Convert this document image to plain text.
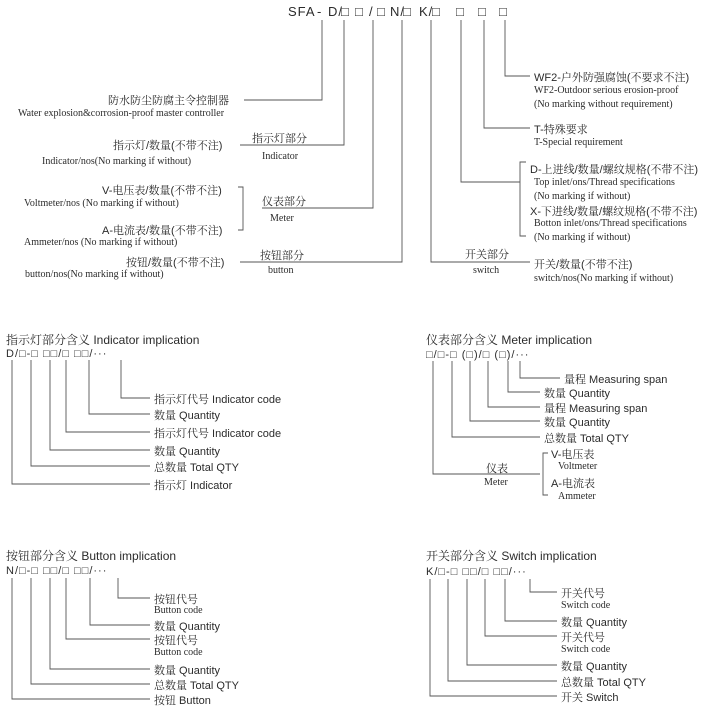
SFA - D/
□ □ / □ N/
□ K/
□ □ □ □
防水防尘防腐主令控制器
Water explosion&corrosion-proof master controller
指示灯/数量(不带不注)
Indicator/nos(No marking if without)
指示灯部分
Indicator
V-电压表/数量(不带不注)
Voltmeter/nos (No marking if without)	仪表部分
Meter
A-电流表/数量(不带不注)
Ammeter/nos (No marking if without)
按钮/数量(不带不注)
button/nos(No marking if without)
按钮部分
button
WF2-户外防强腐蚀(不要求不注)
WF2-Outdoor serious erosion-proof
(No marking without requirement)
T-特殊要求
T-Special requirement
D-上进线/数量/螺纹规格(不带不注)
Top inlet/ons/Thread specifications
(No marking if without)
X-下进线/数量/螺纹规格(不带不注)
Botton inlet/ons/Thread specifications
(No marking if without)
开关部分
switch	开关/数量(不带不注)
switch/nos(No marking if without)
指示灯部分含义 Indicator implication
D/□-□ □□/□ □□/···
指示灯代号 Indicator code
数量 Quantity
指示灯代号 Indicator code
数量 Quantity
总数量 Total QTY
指示灯 Indicator
仪表部分含义 Meter implication
□/□-□ (□)/□ (□)/···
量程 Measuring span
数量 Quantity
量程 Measuring span
数量 Quantity
总数量 Total QTY
仪表
Meter
V-电压表
Voltmeter
A-电流表
Ammeter
按钮部分含义 Button implication
N/□-□ □□/□ □□/···
按钮代号
Button code
数量 Quantity
按钮代号
Button code
数量 Quantity
总数量 Total QTY
按钮 Button
开关部分含义 Switch implication
K/□-□ □□/□ □□/···
开关代号
Switch code
数量 Quantity
开关代号
Switch code
数量 Quantity
总数量 Total QTY
开关 Switch
